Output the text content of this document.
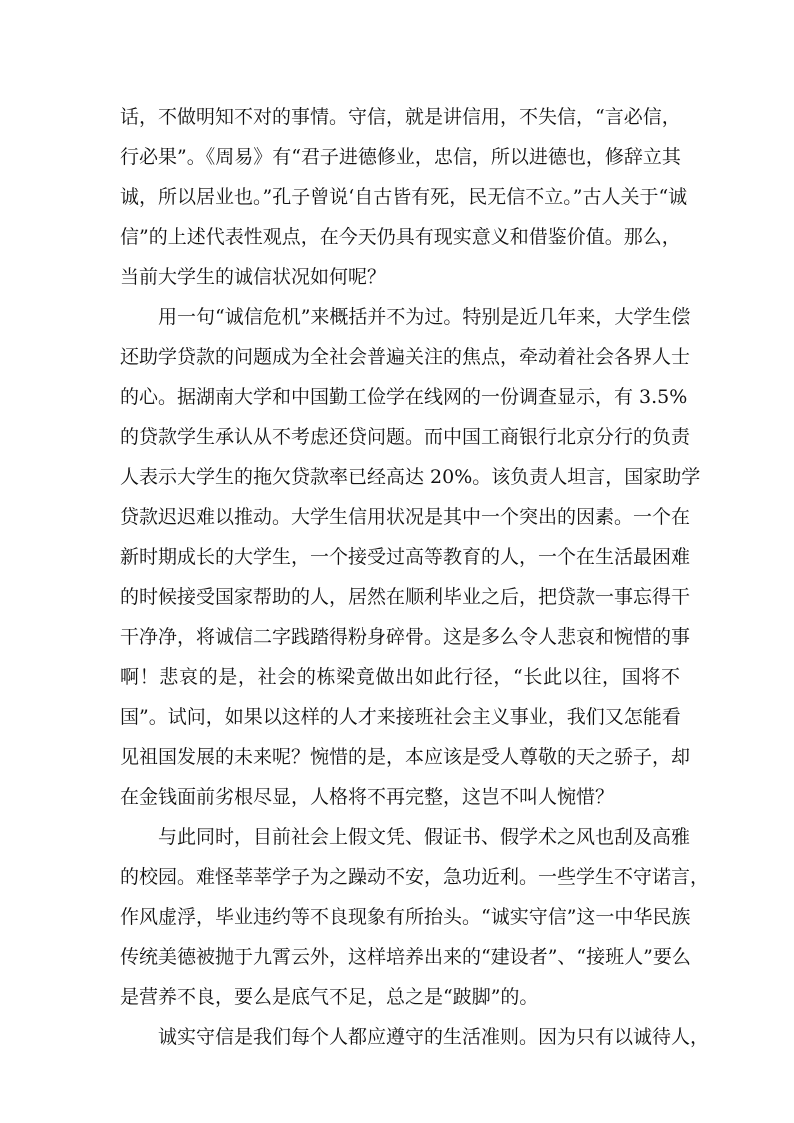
话，不做明知不对的事情。守信，就是讲信用，不失信，“言必信，
行必果”。《周易》有“君子进德修业，忠信，所以进德也，修辞立其
诚，所以居业也。”孔子曾说‘自古皆有死，民无信不立。”古人关于“诚
信”的上述代表性观点，在今天仍具有现实意义和借鉴价值。那么，
当前大学生的诚信状况如何呢？
用一句“诚信危机”来概括并不为过。特别是近几年来，大学生偿
还助学贷款的问题成为全社会普遍关注的焦点，牵动着社会各界人士
的心。据湖南大学和中国勤工俭学在线网的一份调查显示，有 3.5%
的贷款学生承认从不考虑还贷问题。而中国工商银行北京分行的负责
人表示大学生的拖欠贷款率已经高达 20%。该负责人坦言，国家助学
贷款迟迟难以推动。大学生信用状况是其中一个突出的因素。一个在
新时期成长的大学生，一个接受过高等教育的人，一个在生活最困难
的时候接受国家帮助的人，居然在顺利毕业之后，把贷款一事忘得干
干净净，将诚信二字践踏得粉身碎骨。这是多么令人悲哀和惋惜的事
啊！悲哀的是，社会的栋梁竟做出如此行径，“长此以往，国将不
国”。试问，如果以这样的人才来接班社会主义事业，我们又怎能看
见祖国发展的未来呢？惋惜的是，本应该是受人尊敬的天之骄子，却
在金钱面前劣根尽显，人格将不再完整，这岂不叫人惋惜？
与此同时，目前社会上假文凭、假证书、假学术之风也刮及高雅
的校园。难怪莘莘学子为之躁动不安，急功近利。一些学生不守诺言，
作风虚浮，毕业违约等不良现象有所抬头。“诚实守信”这一中华民族
传统美德被抛于九霄云外，这样培养出来的“建设者”、“接班人”要么
是营养不良，要么是底气不足，总之是“跛脚”的。
诚实守信是我们每个人都应遵守的生活准则。因为只有以诚待人，
